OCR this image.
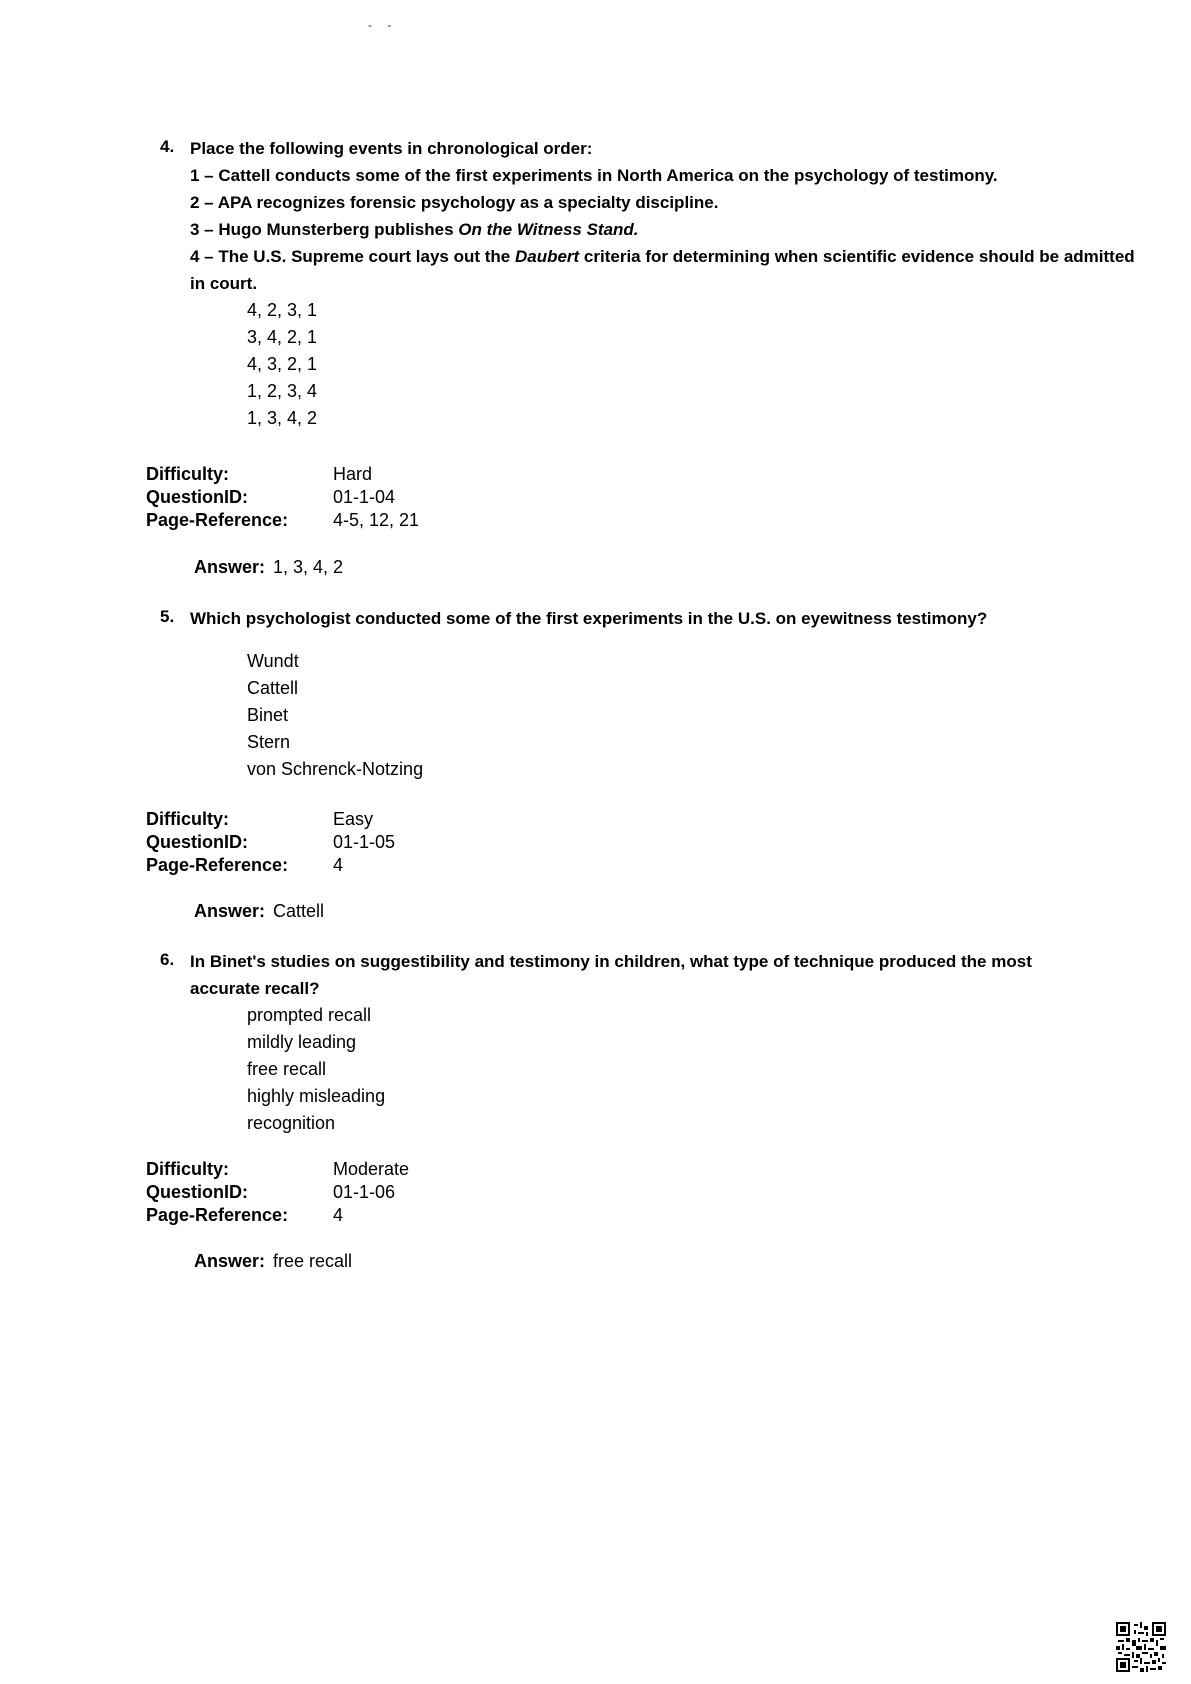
- -
4. Place the following events in chronological order:
1 – Cattell conducts some of the first experiments in North America on the psychology of testimony.
2 – APA recognizes forensic psychology as a specialty discipline.
3 – Hugo Munsterberg publishes On the Witness Stand.
4 – The U.S. Supreme court lays out the Daubert criteria for determining when scientific evidence should be admitted in court.
4, 2, 3, 1
3, 4, 2, 1
4, 3, 2, 1
1, 2, 3, 4
1, 3, 4, 2
Difficulty:	Hard
QuestionID:	01-1-04
Page-Reference: 4-5, 12, 21
Answer: 1, 3, 4, 2
5. Which psychologist conducted some of the first experiments in the U.S. on eyewitness testimony?
Wundt
Cattell
Binet
Stern
von Schrenck-Notzing
Difficulty:	Easy
QuestionID:	01-1-05
Page-Reference: 4
Answer: Cattell
6. In Binet's studies on suggestibility and testimony in children, what type of technique produced the most accurate recall?
prompted recall
mildly leading
free recall
highly misleading
recognition
Difficulty:	Moderate
QuestionID:	01-1-06
Page-Reference: 4
Answer: free recall
